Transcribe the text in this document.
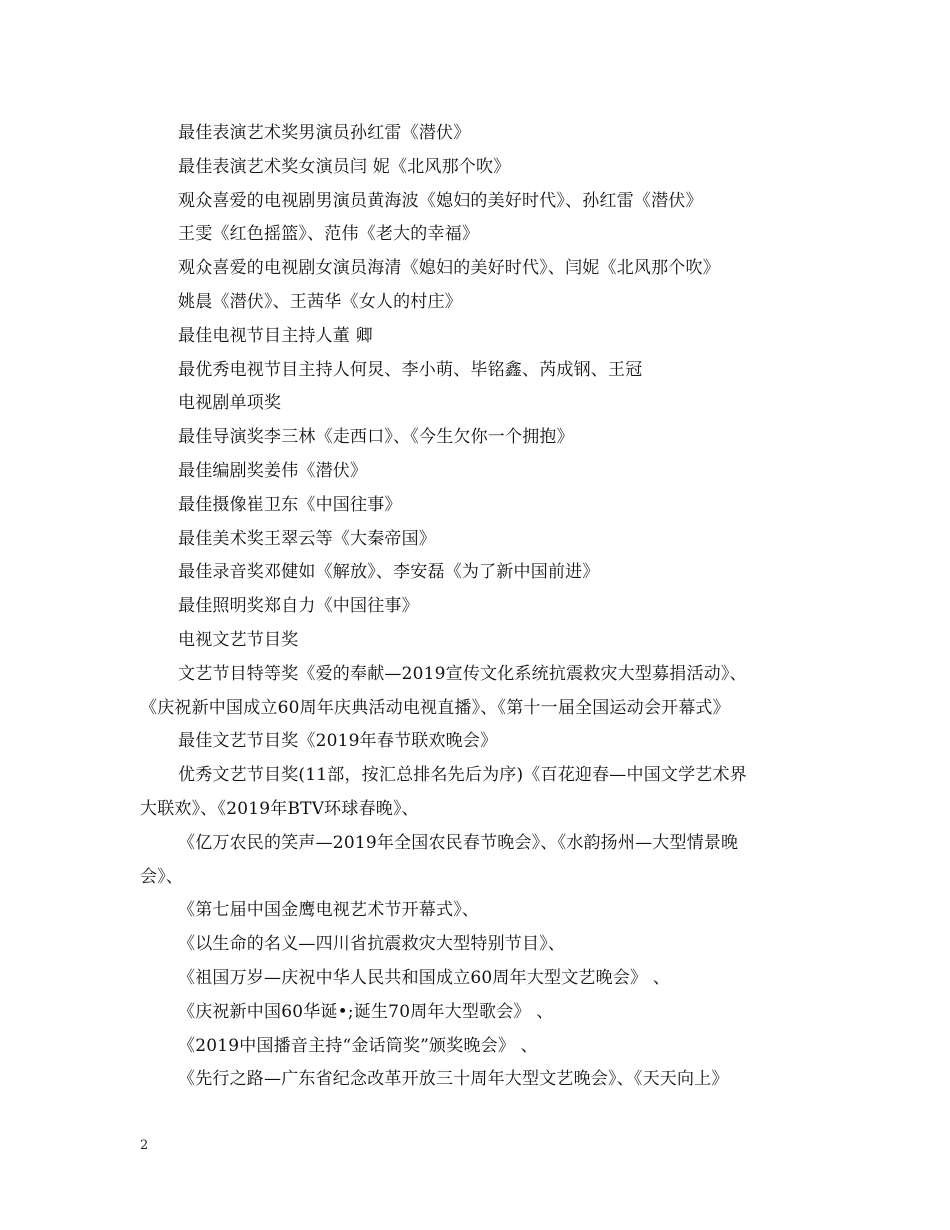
最佳表演艺术奖男演员孙红雷《潜伏》
最佳表演艺术奖女演员闫 妮《北风那个吹》
观众喜爱的电视剧男演员黄海波《媳妇的美好时代》、孙红雷《潜伏》
王雯《红色摇篮》、范伟《老大的幸福》
观众喜爱的电视剧女演员海清《媳妇的美好时代》、闫妮《北风那个吹》
姚晨《潜伏》、王茜华《女人的村庄》
最佳电视节目主持人董 卿
最优秀电视节目主持人何炅、李小萌、毕铭鑫、芮成钢、王冠
电视剧单项奖
最佳导演奖李三林《走西口》、《今生欠你一个拥抱》
最佳编剧奖姜伟《潜伏》
最佳摄像崔卫东《中国往事》
最佳美术奖王翠云等《大秦帝国》
最佳录音奖邓健如《解放》、李安磊《为了新中国前进》
最佳照明奖郑自力《中国往事》
电视文艺节目奖
文艺节目特等奖《爱的奉献—2019宣传文化系统抗震救灾大型募捐活动》、
《庆祝新中国成立60周年庆典活动电视直播》、《第十一届全国运动会开幕式》
最佳文艺节目奖《2019年春节联欢晚会》
优秀文艺节目奖(11部，按汇总排名先后为序)《百花迎春—中国文学艺术界
大联欢》、《2019年BTV环球春晚》、
《亿万农民的笑声—2019年全国农民春节晚会》、《水韵扬州—大型情景晚
会》、
《第七届中国金鹰电视艺术节开幕式》、
《以生命的名义—四川省抗震救灾大型特别节目》、
《祖国万岁—庆祝中华人民共和国成立60周年大型文艺晚会》 、
《庆祝新中国60华诞•;诞生70周年大型歌会》 、
《2019中国播音主持“金话筒奖”颁奖晚会》 、
《先行之路—广东省纪念改革开放三十周年大型文艺晚会》、《天天向上》
2
